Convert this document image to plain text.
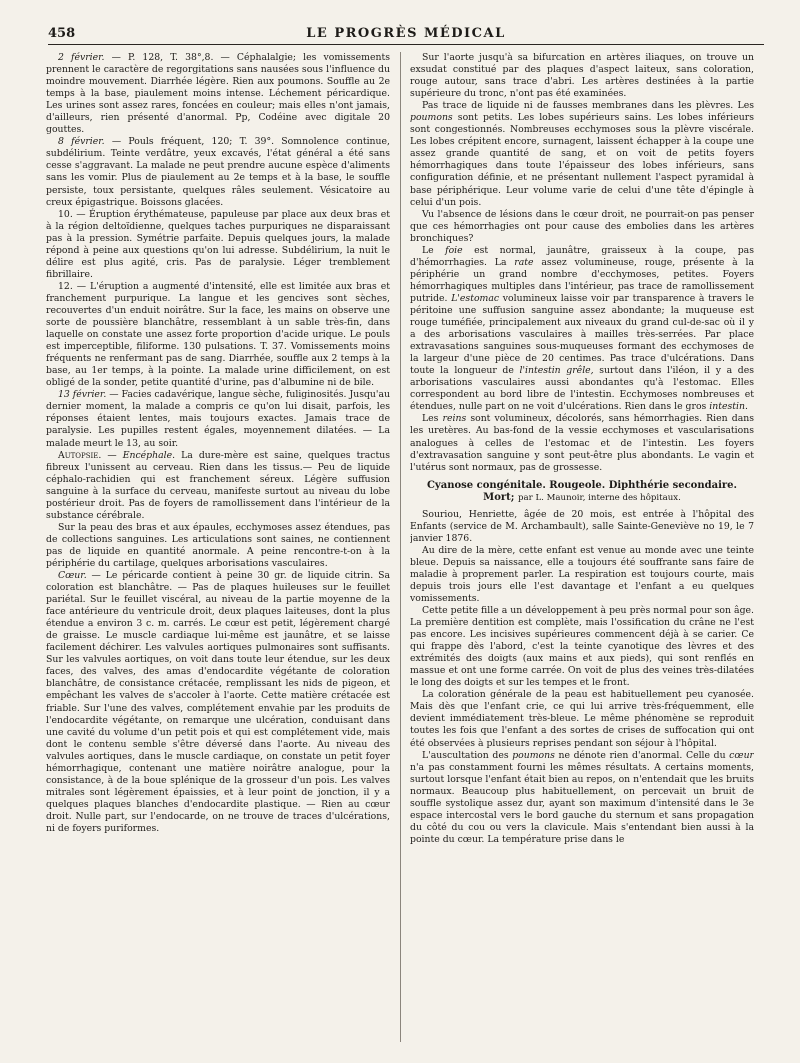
458	LE PROGRÈS MÉDICAL

2 février. — P. 128, T. 38°,8. — Céphalalgie; les vomissements prennent le caractère de regorgitations sans nausées sous l'influence du moindre mouvement. Diarrhée légère. Rien aux poumons. Souffle au 2e temps à la base, piaulement moins intense. Léchement péricardique. Les urines sont assez rares, foncées en couleur; mais elles n'ont jamais, d'ailleurs, rien présenté d'anormal. Pp, Codéine avec digitale 20 gouttes.

8 février. — Pouls fréquent, 120; T. 39°. Somnolence continue, subdélirium. Teinte verdâtre, yeux excavés, l'état général a été sans cesse s'aggravant. La malade ne peut prendre aucune espèce d'aliments sans les vomir. Plus de piaulement au 2e temps et à la base, le souffle persiste, toux persistante, quelques râles seulement. Vésicatoire au creux épigastrique. Boissons glacées.

10. — Éruption érythémateuse, papuleuse par place aux deux bras et à la région deltoïdienne, quelques taches purpuriques ne disparaissant pas à la pression. Symétrie parfaite. Depuis quelques jours, la malade répond à peine aux questions qu'on lui adresse. Subdélirium, la nuit le délire est plus agité, cris. Pas de paralysie. Léger tremblement fibrillaire.

12. — L'éruption a augmenté d'intensité, elle est limitée aux bras et franchement purpurique. La langue et les gencives sont sèches, recouvertes d'un enduit noirâtre. Sur la face, les mains on observe une sorte de poussière blanchâtre, ressemblant à un sable très-fin, dans laquelle on constate une assez forte proportion d'acide urique. Le pouls est imperceptible, filiforme. 130 pulsations. T. 37. Vomissements moins fréquents ne renfermant pas de sang. Diarrhée, souffle aux 2 temps à la base, au 1er temps, à la pointe. La malade urine difficilement, on est obligé de la sonder, petite quantité d'urine, pas d'albumine ni de bile.

13 février. — Facies cadavérique, langue sèche, fuliginosités. Jusqu'au dernier moment, la malade a compris ce qu'on lui disait, parfois, les réponses étaient lentes, mais toujours exactes. Jamais trace de paralysie. Les pupilles restent égales, moyennement dilatées. — La malade meurt le 13, au soir.

Autopsie. — Encéphale. La dure-mère est saine, quelques tractus fibreux l'unissent au cerveau. Rien dans les tissus.— Peu de liquide céphalo-rachidien qui est franchement séreux. Légère suffusion sanguine à la surface du cerveau, manifeste surtout au niveau du lobe postérieur droit. Pas de foyers de ramollissement dans l'intérieur de la substance cérébrale.

Sur la peau des bras et aux épaules, ecchymoses assez étendues, pas de collections sanguines. Les articulations sont saines, ne contiennent pas de liquide en quantité anormale. A peine rencontre-t-on à la périphérie du cartilage, quelques arborisations vasculaires.

Cœur. — Le péricarde contient à peine 30 gr. de liquide citrin. Sa coloration est blanchâtre. — Pas de plaques huileuses sur le feuillet pariétal. Sur le feuillet viscéral, au niveau de la partie moyenne de la face antérieure du ventricule droit, deux plaques laiteuses, dont la plus étendue a environ 3 c. m. carrés. Le cœur est petit, légèrement chargé de graisse. Le muscle cardiaque lui-même est jaunâtre, et se laisse facilement déchirer. Les valvules aortiques pulmonaires sont suffisants. Sur les valvules aortiques, on voit dans toute leur étendue, sur les deux faces, des valves, des amas d'endocardite végétante de coloration blanchâtre, de consistance crétacée, remplissant les nids de pigeon, et empêchant les valves de s'accoler à l'aorte. Cette matière crétacée est friable. Sur l'une des valves, complétement envahie par les produits de l'endocardite végétante, on remarque une ulcération, conduisant dans une cavité du volume d'un petit pois et qui est complétement vide, mais dont le contenu semble s'être déversé dans l'aorte. Au niveau des valvules aortiques, dans le muscle cardiaque, on constate un petit foyer hémorrhagique, contenant une matière noirâtre analogue, pour la consistance, à de la boue splénique de la grosseur d'un pois. Les valves mitrales sont légèrement épaissies, et à leur point de jonction, il y a quelques plaques blanches d'endocardite plastique. — Rien au cœur droit. Nulle part, sur l'endocarde, on ne trouve de traces d'ulcérations, ni de foyers puriformes.

Sur l'aorte jusqu'à sa bifurcation en artères iliaques, on trouve un exsudat constitué par des plaques d'aspect laiteux, sans coloration, rouge autour, sans trace d'abri. Les artères destinées à la partie supérieure du tronc, n'ont pas été examinées.

Pas trace de liquide ni de fausses membranes dans les plèvres. Les poumons sont petits. Les lobes supérieurs sains. Les lobes inférieurs sont congestionnés. Nombreuses ecchymoses sous la plèvre viscérale. Les lobes crépitent encore, surnagent, laissent échapper à la coupe une assez grande quantité de sang, et on voit de petits foyers hémorrhagiques dans toute l'épaisseur des lobes inférieurs, sans configuration définie, et ne présentant nullement l'aspect pyramidal à base périphérique. Leur volume varie de celui d'une tête d'épingle à celui d'un pois.

Vu l'absence de lésions dans le cœur droit, ne pourrait-on pas penser que ces hémorrhagies ont pour cause des embolies dans les artères bronchiques?

Le foie est normal, jaunâtre, graisseux à la coupe, pas d'hémorrhagies. La rate assez volumineuse, rouge, présente à la périphérie un grand nombre d'ecchymoses, petites. Foyers hémorrhagiques multiples dans l'intérieur, pas trace de ramollissement putride. L'estomac volumineux laisse voir par transparence à travers le péritoine une suffusion sanguine assez abondante; la muqueuse est rouge tuméfiée, principalement aux niveaux du grand cul-de-sac où il y a des arborisations vasculaires à mailles très-serrées. Par place extravasations sanguines sous-muqueuses formant des ecchymoses de la largeur d'une pièce de 20 centimes. Pas trace d'ulcérations. Dans toute la longueur de l'intestin grêle, surtout dans l'iléon, il y a des arborisations vasculaires aussi abondantes qu'à l'estomac. Elles correspondent au bord libre de l'intestin. Ecchymoses nombreuses et étendues, nulle part on ne voit d'ulcérations. Rien dans le gros intestin.

Les reins sont volumineux, décolorés, sans hémorrhagies. Rien dans les uretères. Au bas-fond de la vessie ecchymoses et vascularisations analogues à celles de l'estomac et de l'intestin. Les foyers d'extravasation sanguine y sont peut-être plus abondants. Le vagin et l'utérus sont normaux, pas de grossesse.

Cyanose congénitale. Rougeole. Diphthérie secondaire. Mort; par L. Maunoir, interne des hôpitaux.

Souriou, Henriette, âgée de 20 mois, est entrée à l'hôpital des Enfants (service de M. Archambault), salle Sainte-Geneviève no 19, le 7 janvier 1876.

Au dire de la mère, cette enfant est venue au monde avec une teinte bleue. Depuis sa naissance, elle a toujours été souffrante sans faire de maladie à proprement parler. La respiration est toujours courte, mais depuis trois jours elle l'est davantage et l'enfant a eu quelques vomissements.

Cette petite fille a un développement à peu près normal pour son âge. La première dentition est complète, mais l'ossification du crâne ne l'est pas encore. Les incisives supérieures commencent déjà à se carier. Ce qui frappe dès l'abord, c'est la teinte cyanotique des lèvres et des extrémités des doigts (aux mains et aux pieds), qui sont renflés en massue et ont une forme carrée. On voit de plus des veines très-dilatées le long des doigts et sur les tempes et le front.

La coloration générale de la peau est habituellement peu cyanosée. Mais dès que l'enfant crie, ce qui lui arrive très-fréquemment, elle devient immédiatement très-bleue. Le même phénomène se reproduit toutes les fois que l'enfant a des sortes de crises de suffocation qui ont été observées à plusieurs reprises pendant son séjour à l'hôpital.

L'auscultation des poumons ne dénote rien d'anormal. Celle du cœur n'a pas constamment fourni les mêmes résultats. A certains moments, surtout lorsque l'enfant était bien au repos, on n'entendait que les bruits normaux. Beaucoup plus habituellement, on percevait un bruit de souffle systolique assez dur, ayant son maximum d'intensité dans le 3e espace intercostal vers le bord gauche du sternum et sans propagation du côté du cou ou vers la clavicule. Mais s'entendant bien aussi à la pointe du cœur. La température prise dans le
